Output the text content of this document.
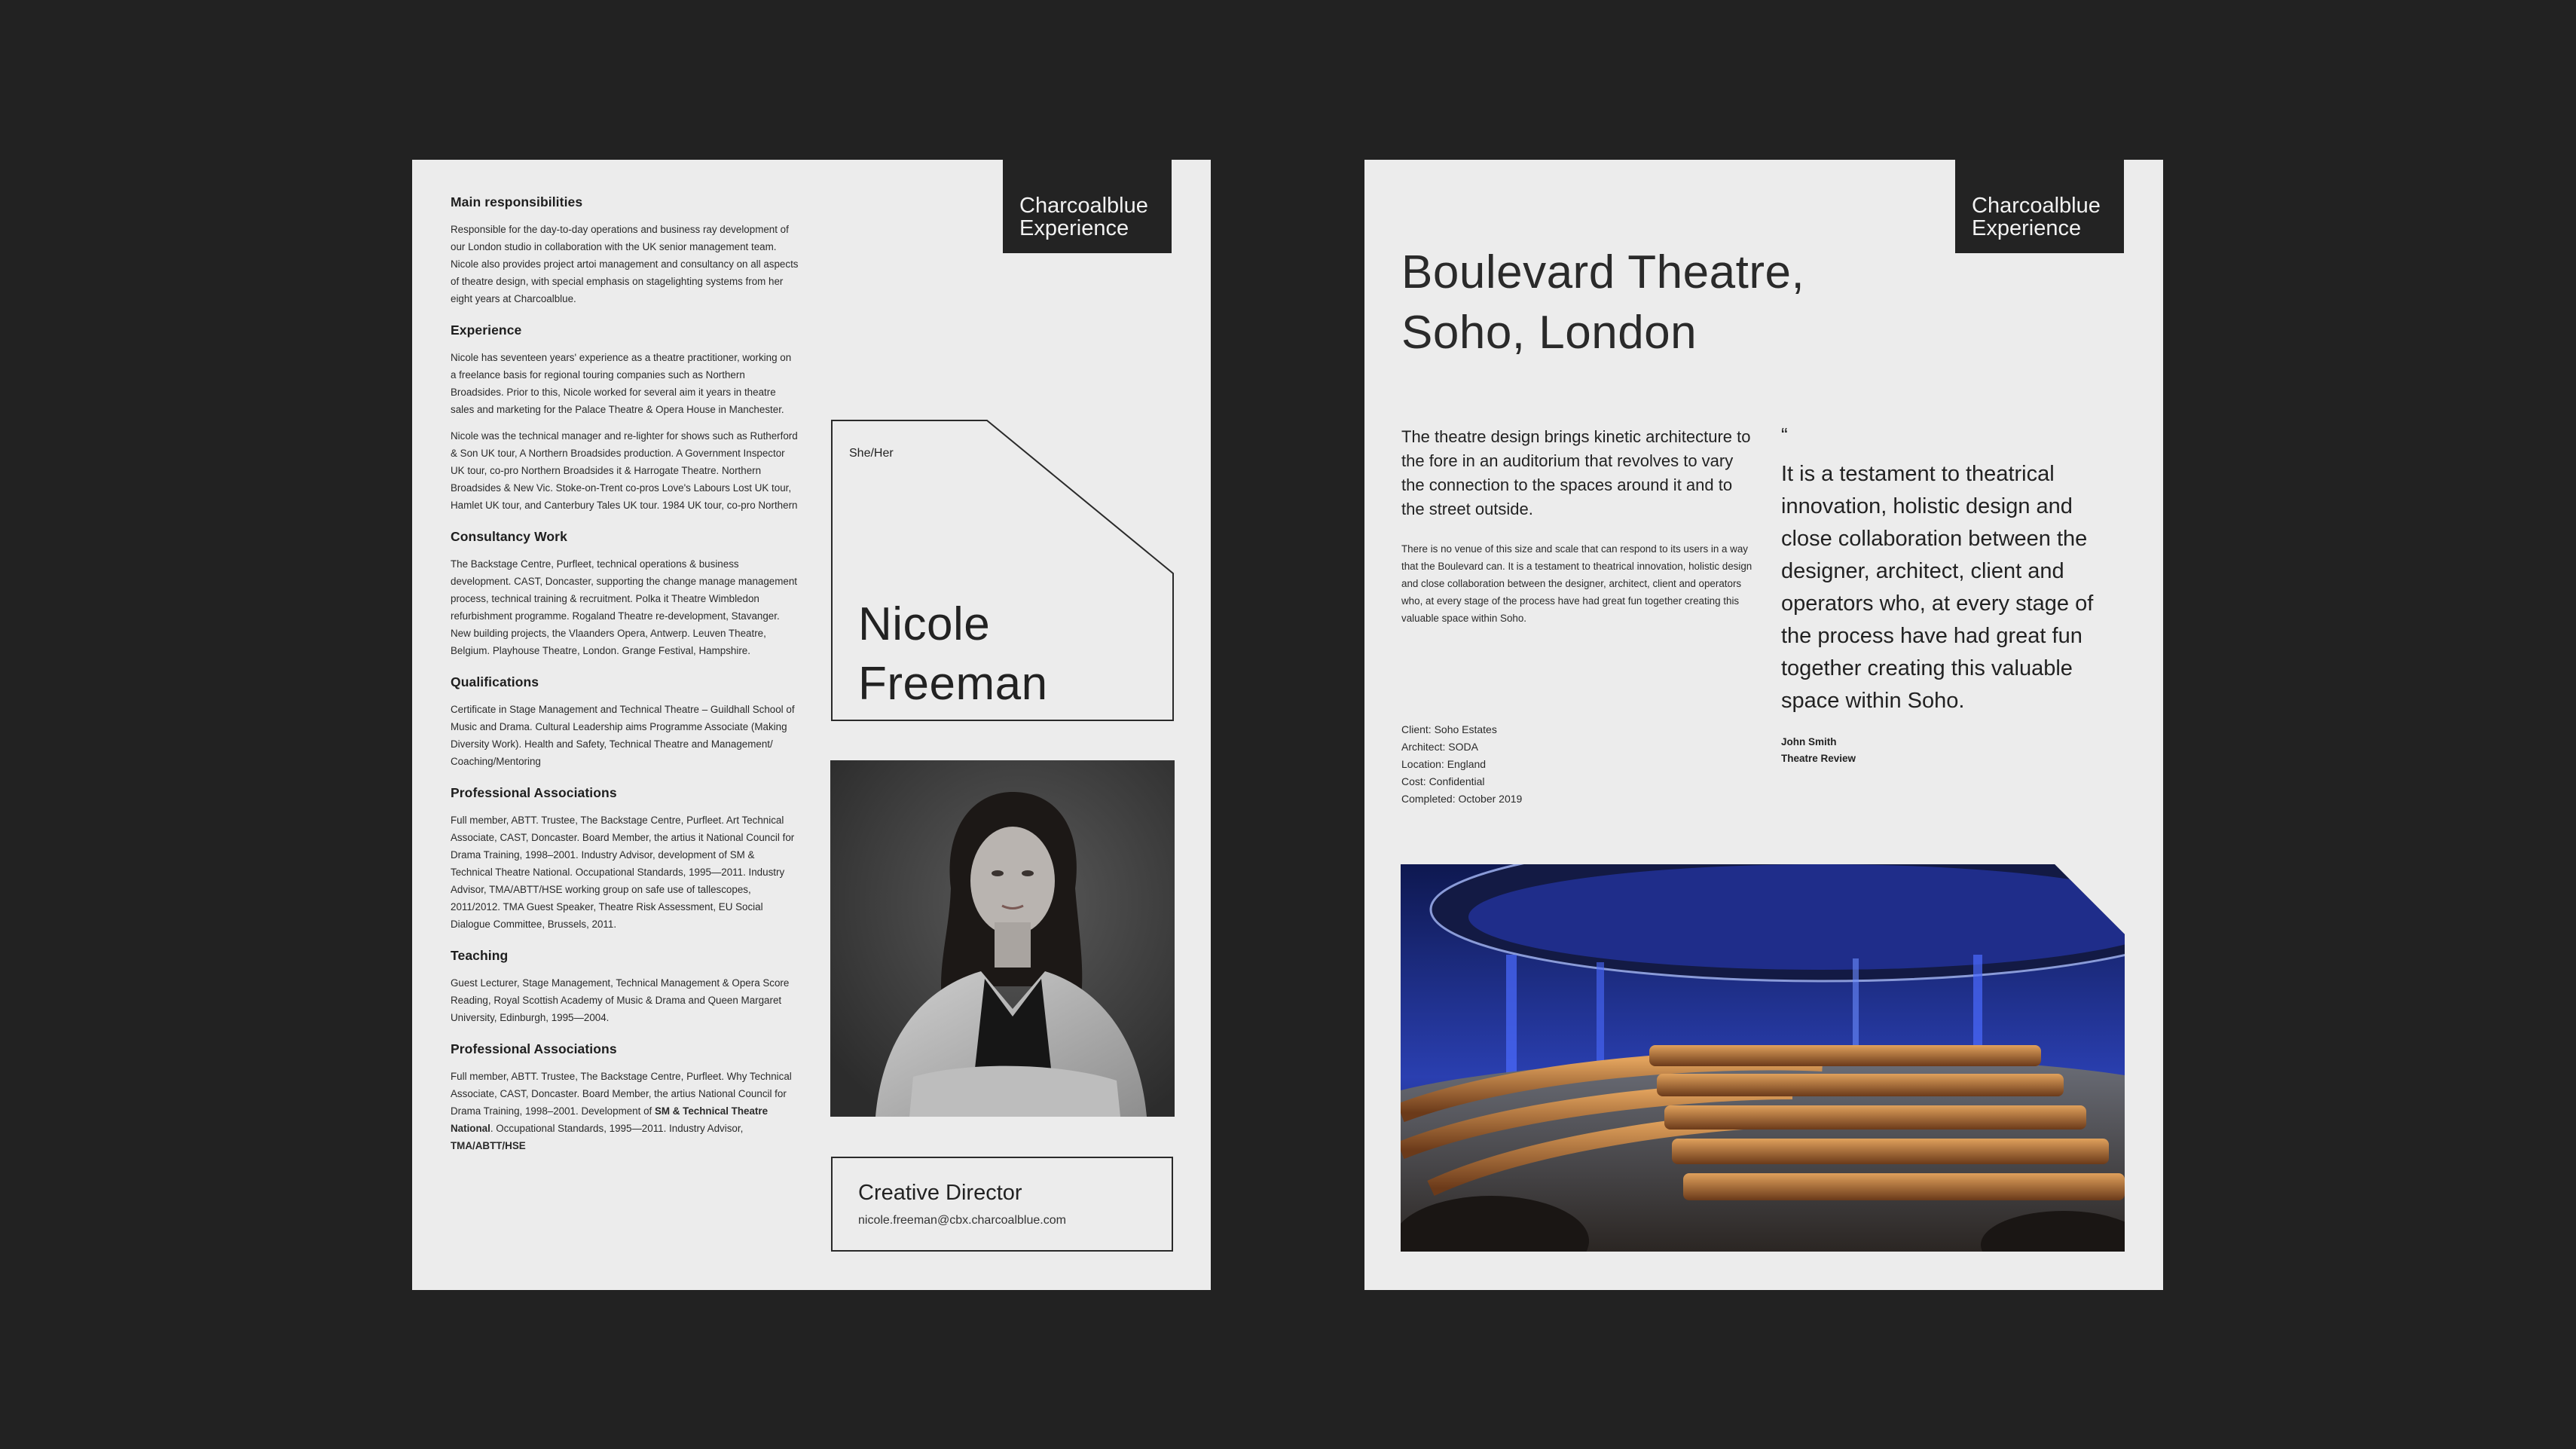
Charcoalblue
Experience
Main responsibilities

Responsible for the day-to-day operations and business ray development of our London studio in collaboration with the UK senior management team. Nicole also provides project artoi management and consultancy on all aspects of theatre design, with special emphasis on stagelighting systems from her eight years at Charcoalblue.

Experience

Nicole has seventeen years' experience as a theatre practitioner, working on a freelance basis for regional touring companies such as Northern Broadsides. Prior to this, Nicole worked for several aim it years in theatre sales and marketing for the Palace Theatre & Opera House in Manchester.

Nicole was the technical manager and re-lighter for shows such as Rutherford & Son UK tour, A Northern Broadsides production. A Government Inspector UK tour, co-pro Northern Broadsides it & Harrogate Theatre. Northern Broadsides & New Vic. Stoke-on-Trent co-pros Love's Labours Lost UK tour, Hamlet UK tour, and Canterbury Tales UK tour. 1984 UK tour, co-pro Northern

Consultancy Work

The Backstage Centre, Purfleet, technical operations & business development. CAST, Doncaster, supporting the change manage management process, technical training & recruitment. Polka it Theatre Wimbledon refurbishment programme. Rogaland Theatre re-development, Stavanger. New building projects, the Vlaanders Opera, Antwerp. Leuven Theatre, Belgium. Playhouse Theatre, London. Grange Festival, Hampshire.

Qualifications

Certificate in Stage Management and Technical Theatre – Guildhall School of Music and Drama. Cultural Leadership aims Programme Associate (Making Diversity Work). Health and Safety, Technical Theatre and Management/ Coaching/Mentoring

Professional Associations

Full member, ABTT. Trustee, The Backstage Centre, Purfleet. Art Technical Associate, CAST, Doncaster. Board Member, the artius it National Council for Drama Training, 1998–2001. Industry Advisor, development of SM & Technical Theatre National. Occupational Standards, 1995—2011. Industry Advisor, TMA/ABTT/HSE working group on safe use of tallescopes, 2011/2012. TMA Guest Speaker, Theatre Risk Assessment, EU Social Dialogue Committee, Brussels, 2011.

Teaching

Guest Lecturer, Stage Management, Technical Management & Opera Score Reading, Royal Scottish Academy of Music & Drama and Queen Margaret University, Edinburgh, 1995—2004.

Professional Associations

Full member, ABTT. Trustee, The Backstage Centre, Purfleet. Why Technical Associate, CAST, Doncaster. Board Member, the artius National Council for Drama Training, 1998–2001. Development of SM & Technical Theatre National. Occupational Standards, 1995—2011. Industry Advisor, TMA/ABTT/HSE

She/Her
Nicole
Freeman
Creative Director
nicole.freeman@cbx.charcoalblue.com
Charcoalblue
Experience
Boulevard Theatre,
Soho, London
The theatre design brings kinetic architecture to the fore in an auditorium that revolves to vary the connection to the spaces around it and to the street outside.
There is no venue of this size and scale that can respond to its users in a way that the Boulevard can. It is a testament to theatrical innovation, holistic design and close collaboration between the designer, architect, client and operators who, at every stage of the process have had great fun together creating this valuable space within Soho.
Client: Soho Estates
Architect: SODA
Location: England
Cost: Confidential
Completed: October 2019
“
It is a testament to theatrical innovation, holistic design and close collaboration between the designer, architect, client and operators who, at every stage of the process have had great fun together creating this valuable space within Soho.
John Smith
Theatre Review
